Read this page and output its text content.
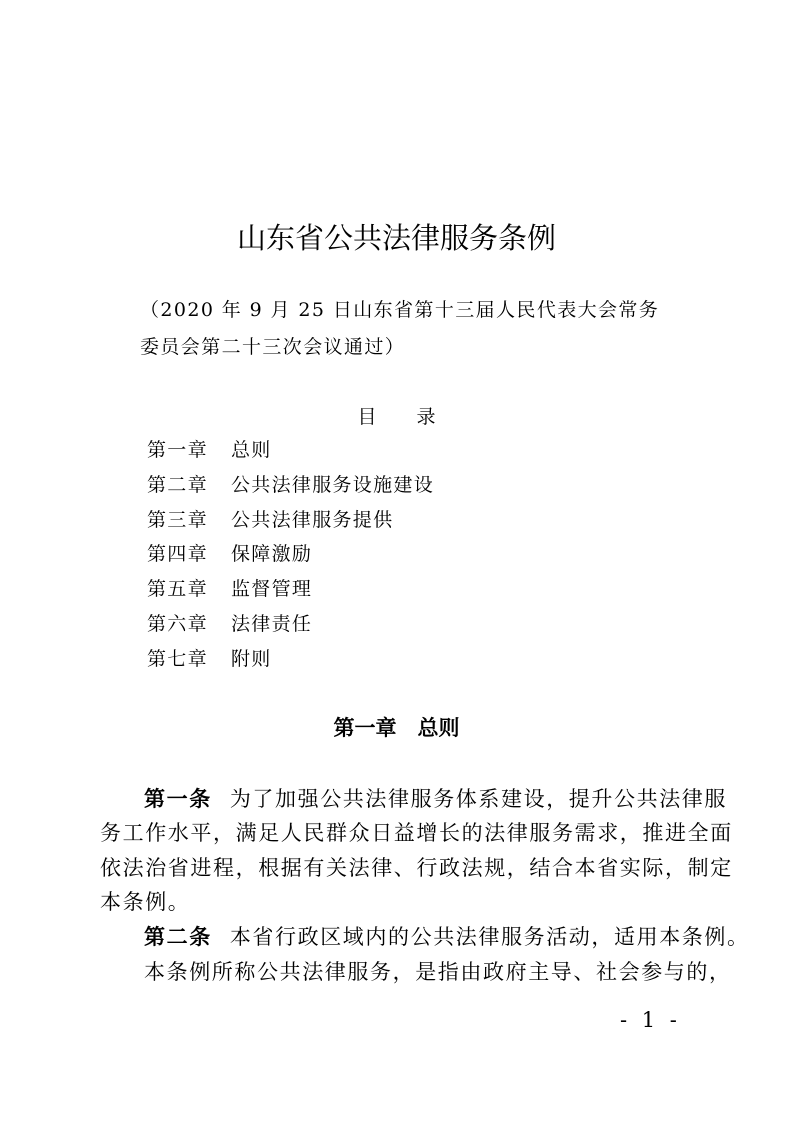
山东省公共法律服务条例
（2020 年 9 月 25 日山东省第十三届人民代表大会常务
委员会第二十三次会议通过）
目 录
第一章 总则
第二章 公共法律服务设施建设
第三章 公共法律服务提供
第四章 保障激励
第五章 监督管理
第六章 法律责任
第七章 附则
第一章　总则
第一条 为了加强公共法律服务体系建设，提升公共法律服
务工作水平，满足人民群众日益增长的法律服务需求，推进全面
依法治省进程，根据有关法律、行政法规，结合本省实际，制定
本条例。
第二条 本省行政区域内的公共法律服务活动，适用本条例。
本条例所称公共法律服务，是指由政府主导、社会参与的，
- 1 -
